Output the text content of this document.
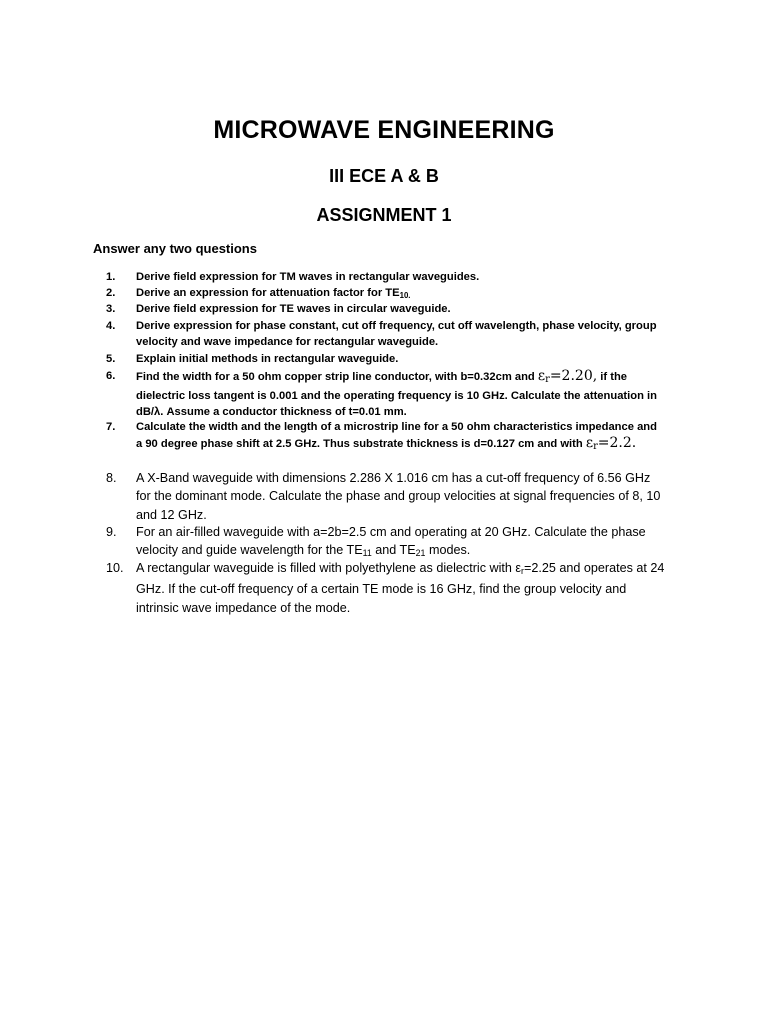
MICROWAVE ENGINEERING
III ECE A & B
ASSIGNMENT 1
Answer any two questions
1.	Derive field expression for TM waves in rectangular waveguides.
2.	Derive an expression for attenuation factor for $TE_{10.}$
3.	Derive field expression for TE waves in circular waveguide.
4.	Derive expression for phase constant, cut off frequency, cut off wavelength, phase velocity, group velocity and wave impedance for rectangular waveguide.
5.	Explain initial methods in rectangular waveguide.
6.	Find the width for a 50 ohm copper strip line conductor, with b=0.32cm and $\varepsilon_r=2.20$, if the dielectric loss tangent is 0.001 and the operating frequency is 10 GHz. Calculate the attenuation in dB/λ. Assume a conductor thickness of t=0.01 mm.
7.	Calculate the width and the length of a microstrip line for a 50 ohm characteristics impedance and a 90 degree phase shift at 2.5 GHz. Thus substrate thickness is d=0.127 cm and with $\varepsilon_r=2.2$.
8.	A X-Band waveguide with dimensions 2.286 X 1.016 cm has a cut-off frequency of 6.56 GHz for the dominant mode. Calculate the phase and group velocities at signal frequencies of 8, 10 and 12 GHz.
9.	For an air-filled waveguide with a=2b=2.5 cm and operating at 20 GHz. Calculate the phase velocity and guide wavelength for the $TE_{11}$ and $TE_{21}$ modes.
10. A rectangular waveguide is filled with polyethylene as dielectric with $\varepsilon_r=2.25$ and operates at 24 GHz. If the cut-off frequency of a certain TE mode is 16 GHz, find the group velocity and intrinsic wave impedance of the mode.
